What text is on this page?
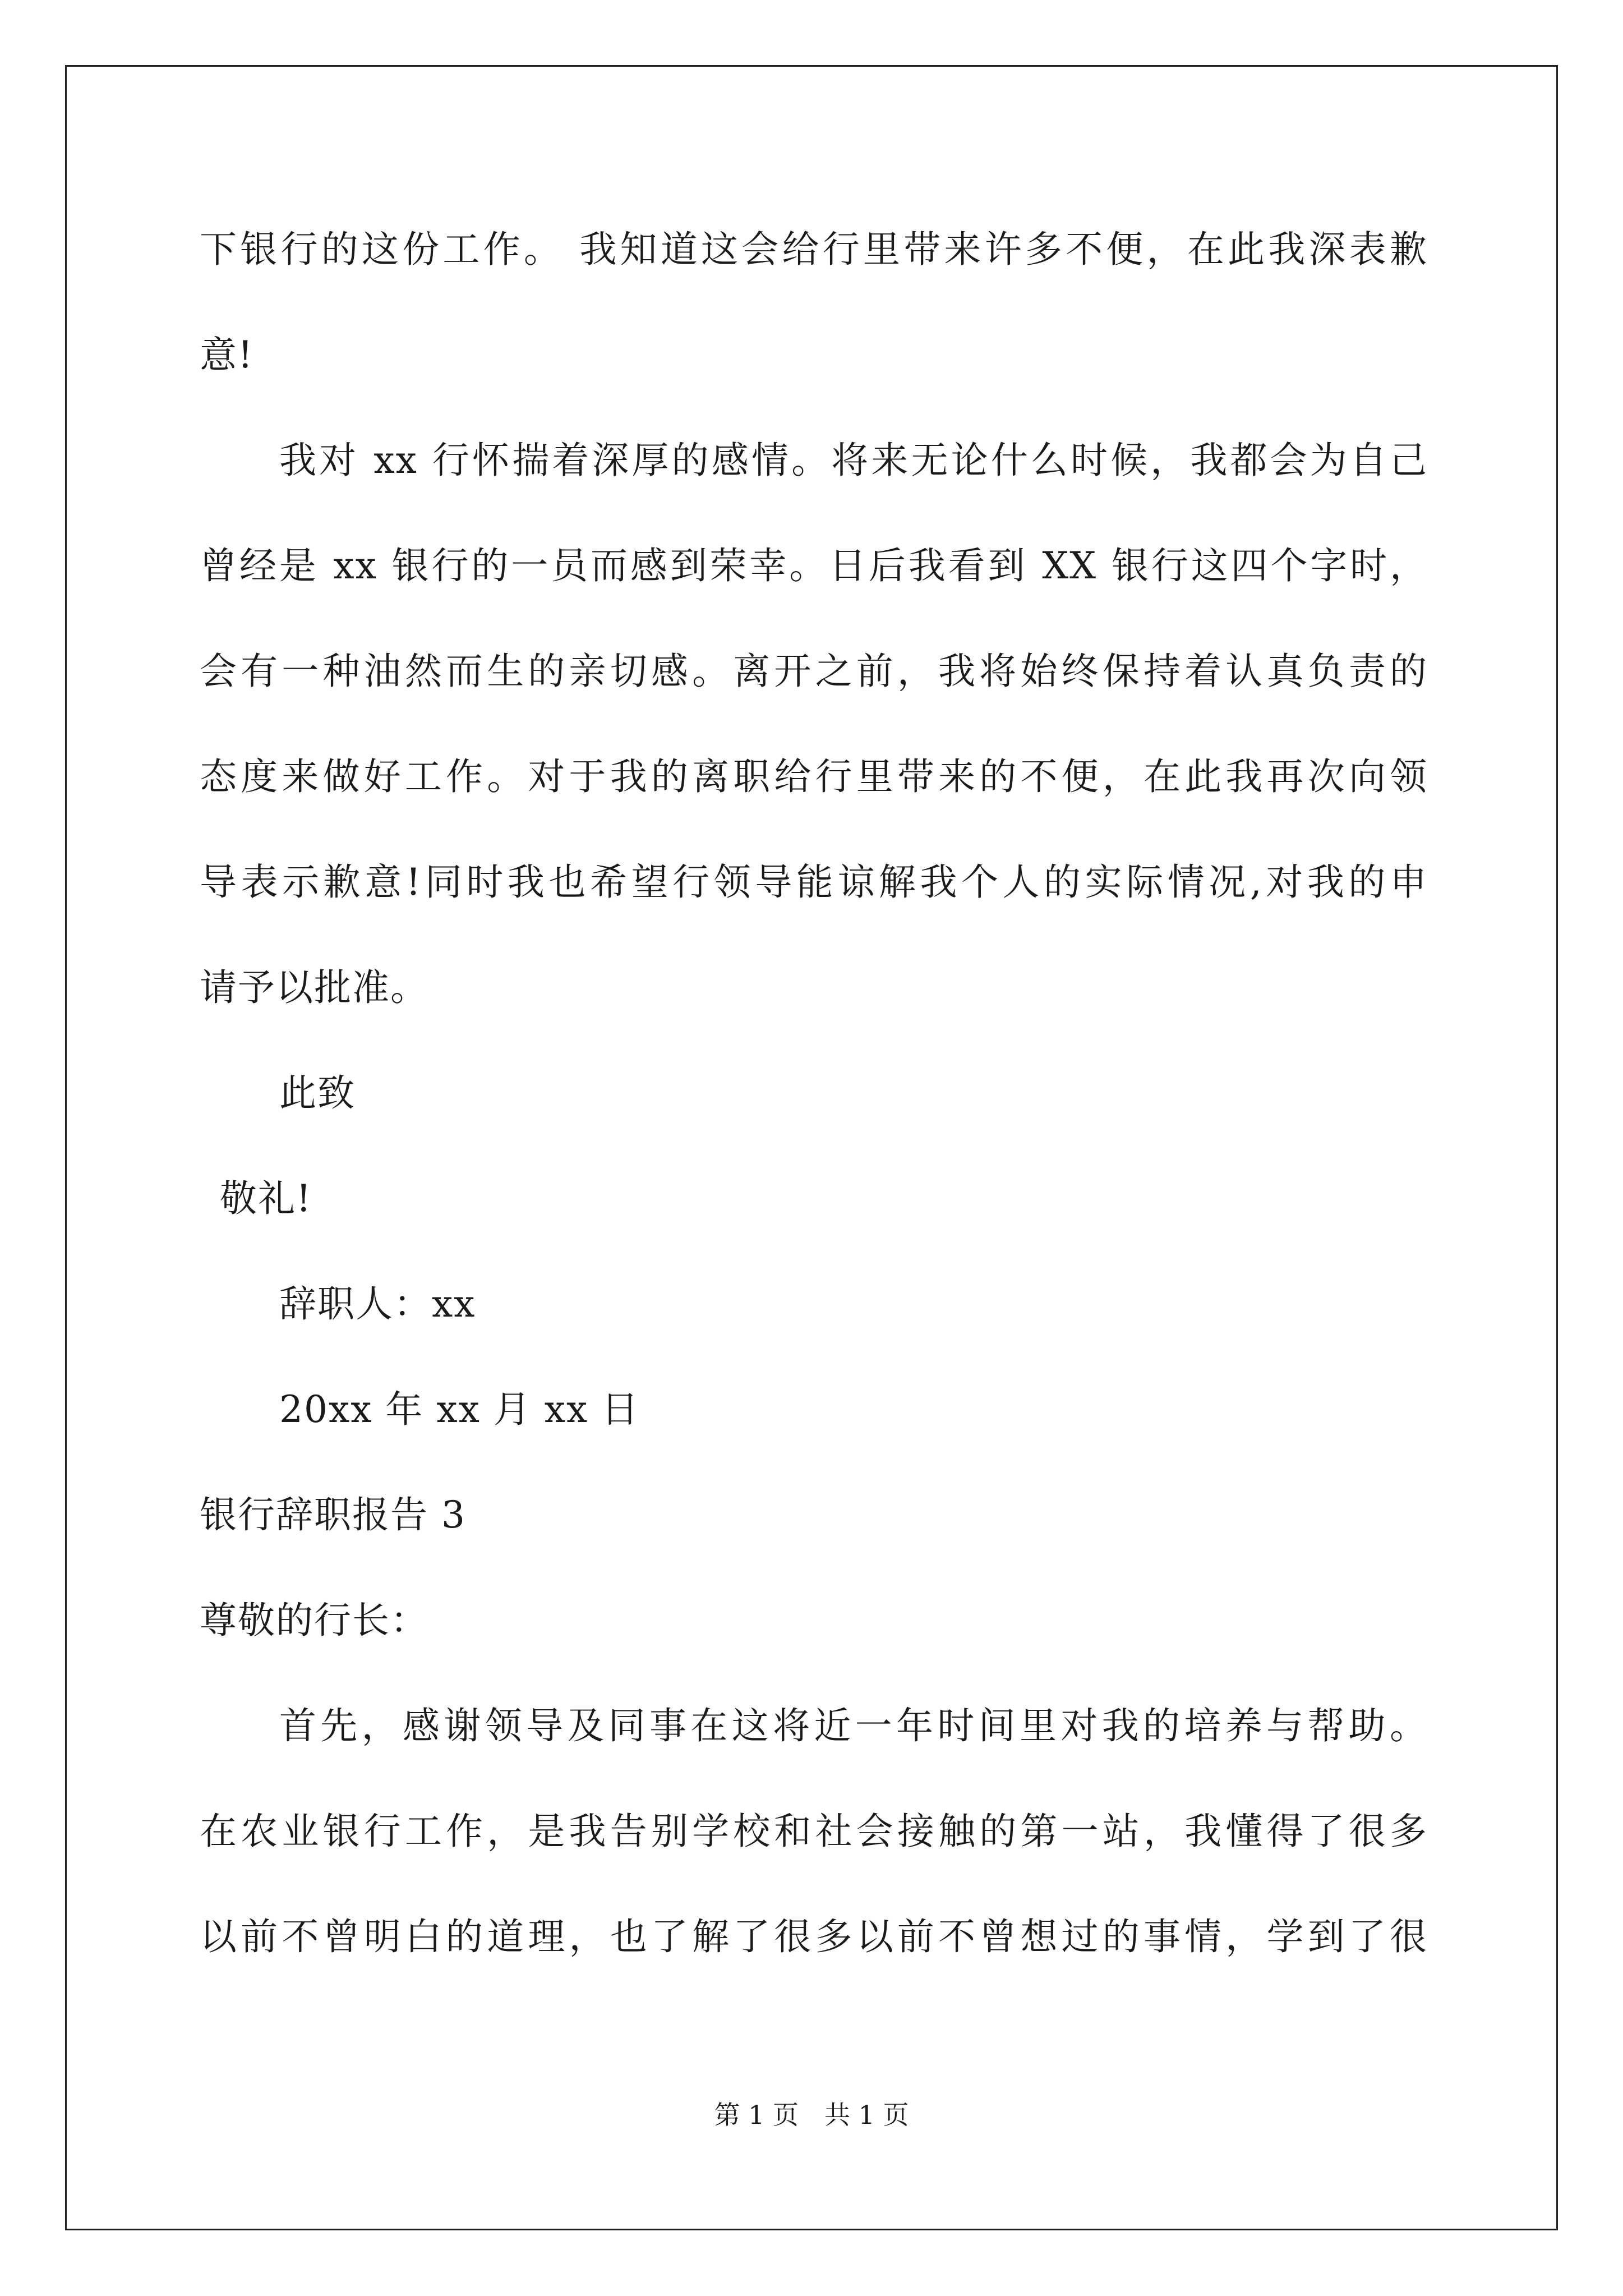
下银行的这份工作。 我知道这会给行里带来许多不便，在此我深表歉
意!
我对 xx 行怀揣着深厚的感情。将来无论什么时候，我都会为自己
曾经是 xx 银行的一员而感到荣幸。日后我看到 XX 银行这四个字时，
会有一种油然而生的亲切感。离开之前，我将始终保持着认真负责的
态度来做好工作。对于我的离职给行里带来的不便，在此我再次向领
导表示歉意!同时我也希望行领导能谅解我个人的实际情况,对我的申
请予以批准。
此致
敬礼!
辞职人：xx
20xx 年 xx 月 xx 日
银行辞职报告 3
尊敬的行长：
首先，感谢领导及同事在这将近一年时间里对我的培养与帮助。
在农业银行工作，是我告别学校和社会接触的第一站，我懂得了很多
以前不曾明白的道理，也了解了很多以前不曾想过的事情，学到了很
第 1 页　共 1 页
